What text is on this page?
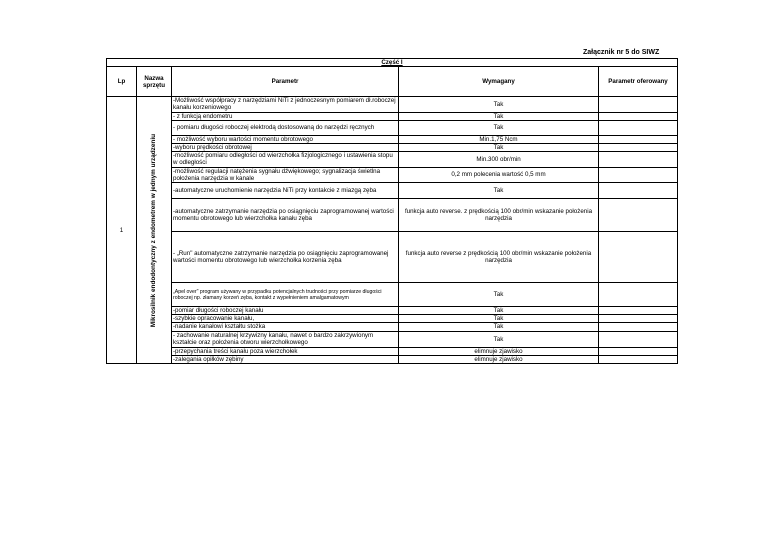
Załącznik nr 5 do SIWZ
Część I				
Lp	Nazwa sprzętu	Parametr	Wymagany	Parametr oferowany
1	Mikrosilnik endodontyczny z endometrem w jednym urządzeniu	-Możliwość współpracy z narzędziami NiTi z jednoczesnym pomiarem dł.roboczej kanału korzeniowego	Tak	
		- z funkcją endometru	Tak	
		- pomiaru długości roboczej elektrodą dostosowaną do narzędzi ręcznych	Tak	
		- możliwość wyboru wartości momentu obrotowego	Min.1,75 Ncm	
		-wyboru prędkości obrotowej	Tak	
		-możliwość pomiaru odległości od wierzchołka fizjologicznego i ustawienia stopu w odległości	Min.300 obr/min	
		-możliwość regulacji natężenia sygnału dźwiękowego; sygnalizacja świetlna położenia narzędzia w kanale	0,2 mm polecenia wartość 0,5 mm	
		-automatyczne uruchomienie narzędzia NiTi przy kontakcie z miazgą zęba	Tak	
		-automatyczne zatrzymanie narzędzia po osiągnięciu zaprogramowanej wartości momentu obrotowego lub wierzchołka kanału zęba	funkcja auto reverse. z prędkością 100 obr/min wskazanie położenia narzędzia	
		- „Run" automatyczne zatrzymanie narzędzia po osiągnięciu zaprogramowanej wartości momentu obrotowego lub wierzchołka korzenia zęba	funkcja auto reverse z prędkością 100 obr/min wskazanie położenia narzędzia	
		„Apel over" program używany w przypadku potencjalnych trudności przy pomiarze długości roboczej np. złamany korzeń zęba, kontakt z wypełnieniem amalgamatowym	Tak	
		-pomiar długości roboczej kanału	Tak	
		-szybkie opracowanie kanału,	Tak	
		-nadanie kanałowi kształtu stożka	Tak	
		- zachowanie naturalnej krzywizny kanału, nawet o bardzo zakrzywionym kształcie oraz położenia otworu wierzchołkowego	Tak	
		-przepychania treści kanału poza wierzchołek	elimnuje zjawisko	
		-zalegania opiłków zębiny	elimnuje zjawisko	
